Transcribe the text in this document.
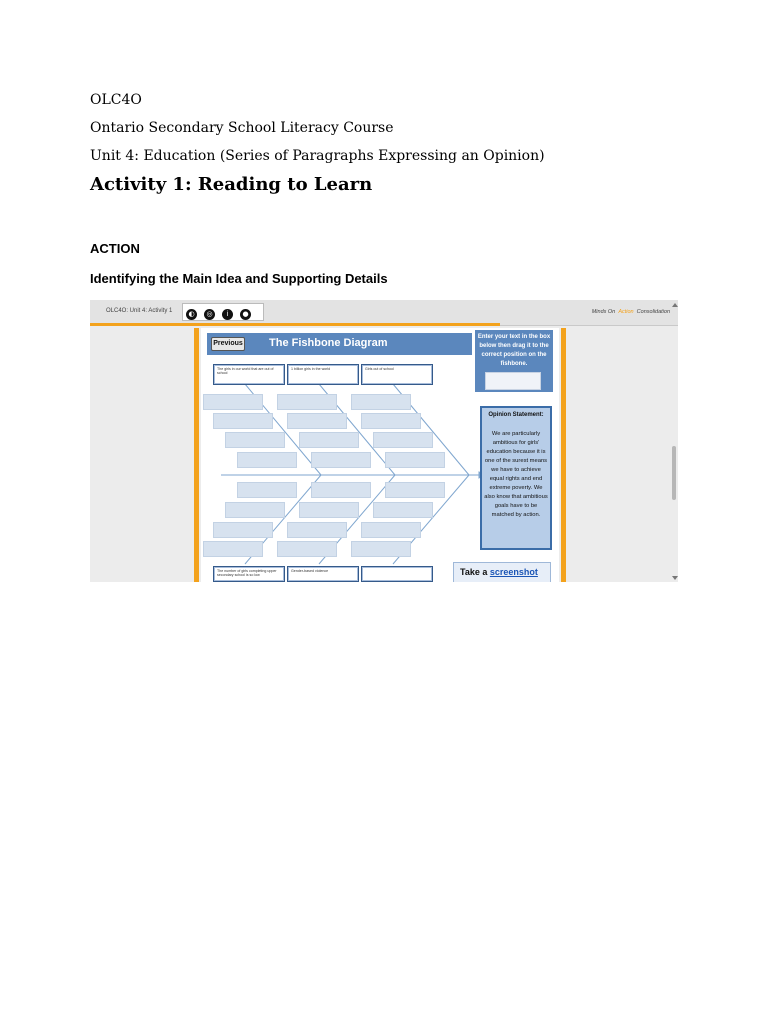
OLC4O
Ontario Secondary School Literacy Course
Unit 4: Education (Series of Paragraphs Expressing an Opinion)
Activity 1: Reading to Learn
ACTION
Identifying the Main Idea and Supporting Details
OLC4O: Unit 4: Activity 1	◐	◎	i	●	Minds On Action Consolidation
Previous The Fishbone Diagram	Enter your text in the box below then drag it to the correct position on the fishbone.
The girls in our world that are out of school
1 billion girls in the world	Girls out of school
The number of girls completing upper secondary school is so low
Gender-based violence
Opinion Statement:
We are particularly ambitious for girls' education because it is one of the surest means we have to achieve equal rights and end extreme poverty. We also know that ambitious goals have to be matched by action.
Take a screenshot
